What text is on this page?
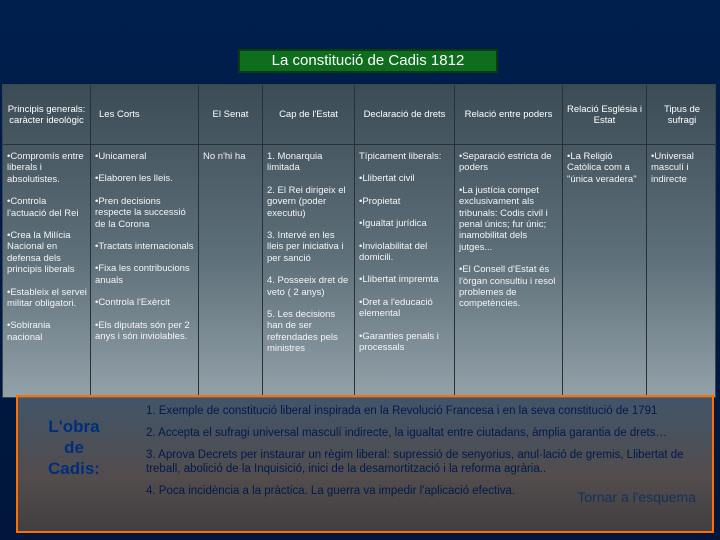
La constitució de Cadis 1812
Principis generals: caràcter ideològic

•Compromís entre liberals i absolutistes.

•Controla l'actuació del Rei

•Crea la Milícia Nacional en defensa dels principis liberals

•Estableix el servei militar obligatori.

•Sobirania nacional

Les Corts

•Unicameral

•Elaboren les lleis.

•Pren decisions respecte la successió de la Corona

•Tractats internacionals

•Fixa les contribucions anuals

•Controla l'Exèrcit

•Els diputats són per 2 anys i són inviolables.

El Senat

No n'hi ha

Cap de l'Estat

1. Monarquia limitada

2. El Rei dirigeix el govern (poder executiu)

3. Intervé en les lleis per iniciativa i per sanció

4. Posseeix dret de veto ( 2 anys)

5. Les decisions han de ser refrendades pels ministres

Declaració de drets

Típicament liberals:

•Llibertat civil

•Propietat

•Igualtat jurídica

•Inviolabilitat del domicili.

•Llibertat impremta

•Dret a l'educació elemental

•Garanties penals i processals

Relació entre poders

•Separació estricta de poders

•La justícia compet exclusivament als tribunals: Codis civil i penal únics; fur únic; inamobilitat dels jutges...

•El Consell d'Estat és l'òrgan consultiu i resol problemes de competències.

Relació Església i Estat

•La Religió Catòlica com a "única veradera"

Tipus de sufragi

•Universal masculí i indirecte

L'obra de Cadis:

1. Exemple de constitució liberal inspirada en la Revolució Francesa i en la seva constitució de 1791

2. Accepta el sufragi universal masculí indirecte, la igualtat entre ciutadans, àmplia garantia de drets…

3. Aprova Decrets per instaurar un règim liberal: supressió de senyorius, anul·lació de gremis, Llibertat de treball, abolició de la Inquisició, inici de la desamortització i la reforma agrària..

4. Poca incidència a la pràctica. La guerra va impedir l'aplicació efectiva.	Tornar a l'esquema
